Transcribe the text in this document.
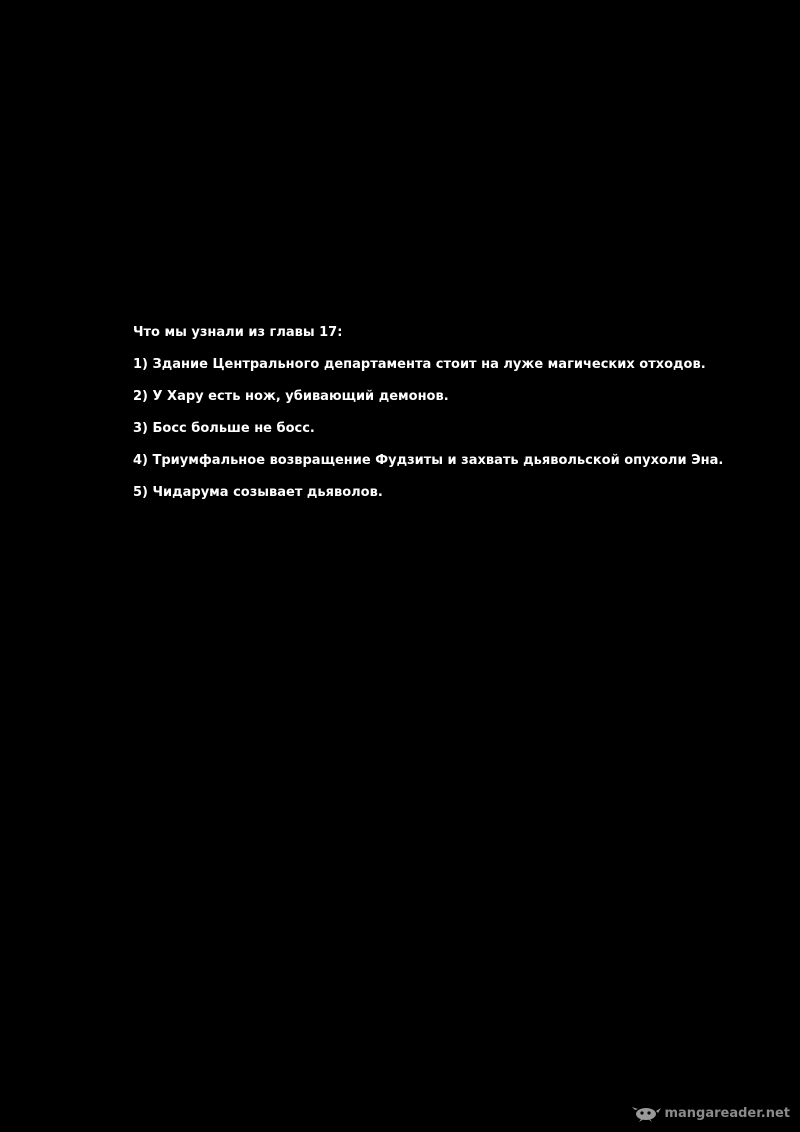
Что мы узнали из главы 17:
1) Здание Центрального департамента стоит на луже магических отходов.
2) У Хару есть нож, убивающий демонов.
3) Босс больше не босс.
4) Триумфальное возвращение Фудзиты и захвать дьявольской опухоли Эна.
5) Чидарума созывает дьяволов.
mangareader.net
